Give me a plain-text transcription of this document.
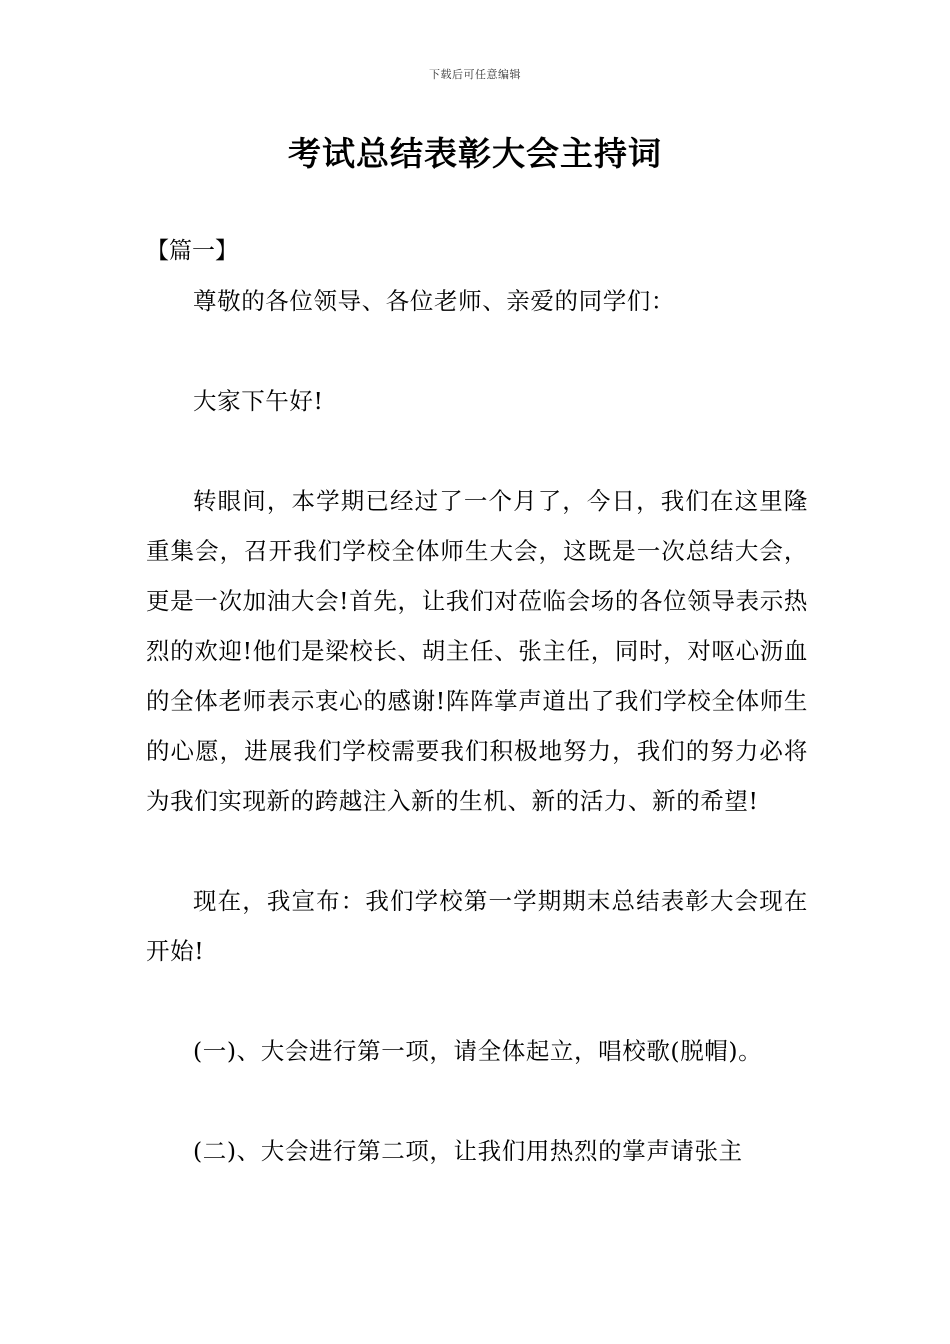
下载后可任意编辑
考试总结表彰大会主持词
【篇一】

尊敬的各位领导、各位老师、亲爱的同学们：

大家下午好!

转眼间，本学期已经过了一个月了，今日，我们在这里隆重集会，召开我们学校全体师生大会，这既是一次总结大会，更是一次加油大会!首先，让我们对莅临会场的各位领导表示热烈的欢迎!他们是梁校长、胡主任、张主任，同时，对呕心沥血的全体老师表示衷心的感谢!阵阵掌声道出了我们学校全体师生的心愿，进展我们学校需要我们积极地努力，我们的努力必将为我们实现新的跨越注入新的生机、新的活力、新的希望!

现在，我宣布：我们学校第一学期期末总结表彰大会现在开始!

(一)、大会进行第一项，请全体起立，唱校歌(脱帽)。

(二)、大会进行第二项，让我们用热烈的掌声请张主
